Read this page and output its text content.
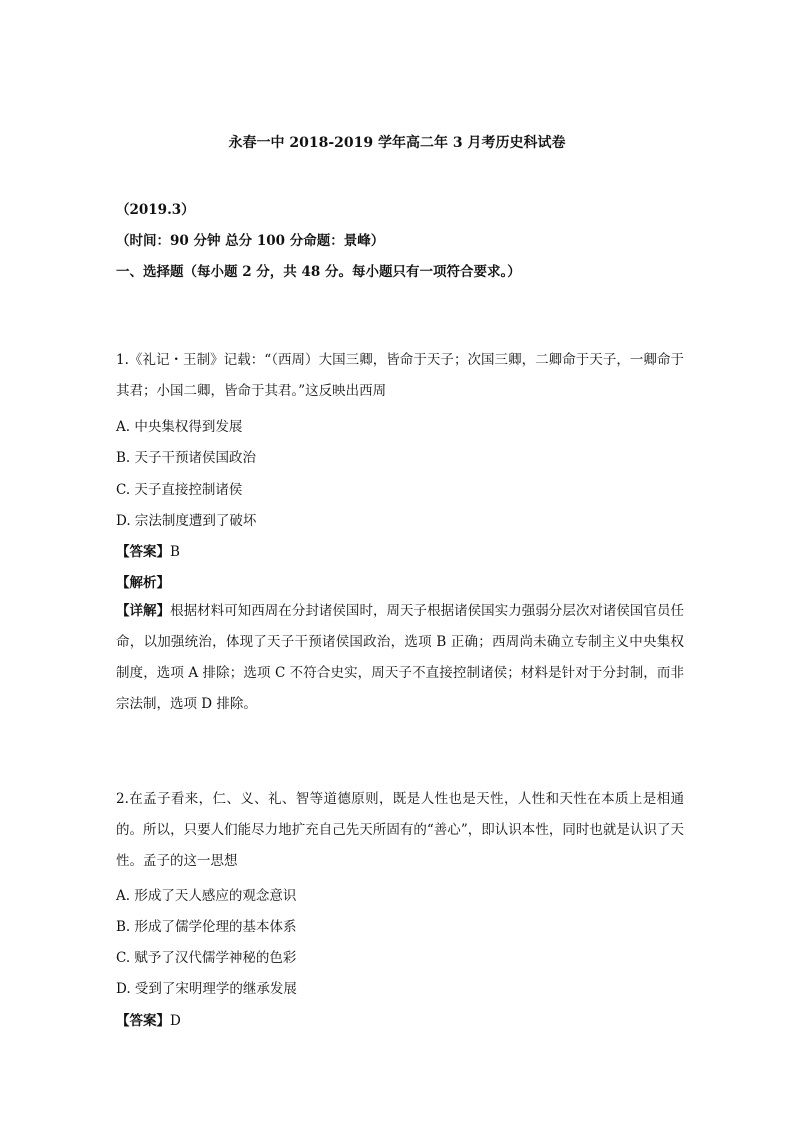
永春一中 2018-2019 学年高二年 3 月考历史科试卷
（2019.3）
（时间：90 分钟 总分 100 分命题：景峰）
一、选择题（每小题 2 分，共 48 分。每小题只有一项符合要求。）
1.《礼记・王制》记载：“（西周）大国三卿，皆命于天子；次国三卿，二卿命于天子，一卿命于其君；小国二卿，皆命于其君。”这反映出西周
A. 中央集权得到发展
B. 天子干预诸侯国政治
C. 天子直接控制诸侯
D. 宗法制度遭到了破坏
【答案】B
【解析】
【详解】根据材料可知西周在分封诸侯国时，周天子根据诸侯国实力强弱分层次对诸侯国官员任命，以加强统治，体现了天子干预诸侯国政治，选项 B 正确；西周尚未确立专制主义中央集权制度，选项 A 排除；选项 C 不符合史实，周天子不直接控制诸侯；材料是针对于分封制，而非宗法制，选项 D 排除。
2.在孟子看来，仁、义、礼、智等道德原则，既是人性也是天性，人性和天性在本质上是相通的。所以，只要人们能尽力地扩充自己先天所固有的“善心”，即认识本性，同时也就是认识了天性。孟子的这一思想
A. 形成了天人感应的观念意识
B. 形成了儒学伦理的基本体系
C. 赋予了汉代儒学神秘的色彩
D. 受到了宋明理学的继承发展
【答案】D
